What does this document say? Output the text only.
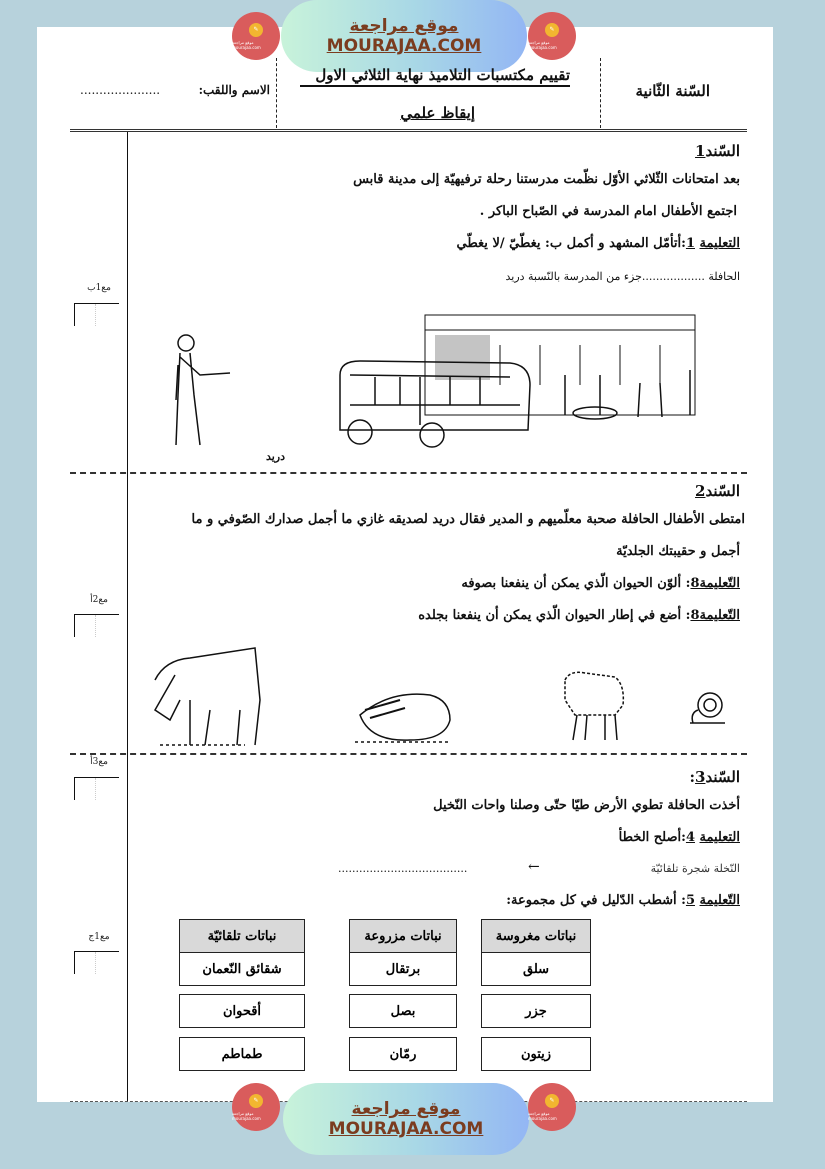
✎
موقع مراجعة mourajaa.com
موقع مراجعة
MOURAJAA.COM
✎
موقع مراجعة mourajaa.com
السّنة الثّانية
تقييم مكتسبات التلاميذ نهاية الثلاثي الاول
إيقاظ علمي
الاسم واللقب:
.....................
السّند1
بعد امتحانات الثّلاثي الأوّل نظّمت مدرستنا رحلة ترفيهيّة إلى مدينة قابس
اجتمع الأطفال امام المدرسة في الصّباح الباكر .
التعليمة 1:أتأمّل المشهد و أكمل ب: يغطّيّ /لا يغطّي
الحافلة ..................جزء من المدرسة بالنّسبة دريد
مع1ب
دريد
السّند2
امتطى الأطفال الحافلة صحبة معلّميهم و المدير فقال دريد لصديقه غازي ما أجمل صدارك الصّوفي و ما
أجمل و حقيبتك الجلديّة
التّعليمة8: ألوّن الحيوان الّذي يمكن أن ينفعنا بصوفه
التّعليمة8: أضع في إطار الحيوان الّذي يمكن أن ينفعنا بجلده
مع2أ
السّند3:
أخذت الحافلة تطوي الأرض طيّا حتّى وصلنا واحات النّخيل
التعليمة 4:أصلح الخطأ
النّخلة شجرة تلقائيّة
←
.....................................
التّعليمة 5: أشطب الدّليل في كل مجموعة:
مع3أ
مع1ج	نباتات مغروسة
سلق
جزر
زيتون
نباتات مزروعة
برتقال
بصل
رمّان
نباتات تلقائيّة
شقائق النّعمان
أقحوان
طماطم
✎
موقع مراجعة mourajaa.com	موقع مراجعة
MOURAJAA.COM
✎
موقع مراجعة mourajaa.com
